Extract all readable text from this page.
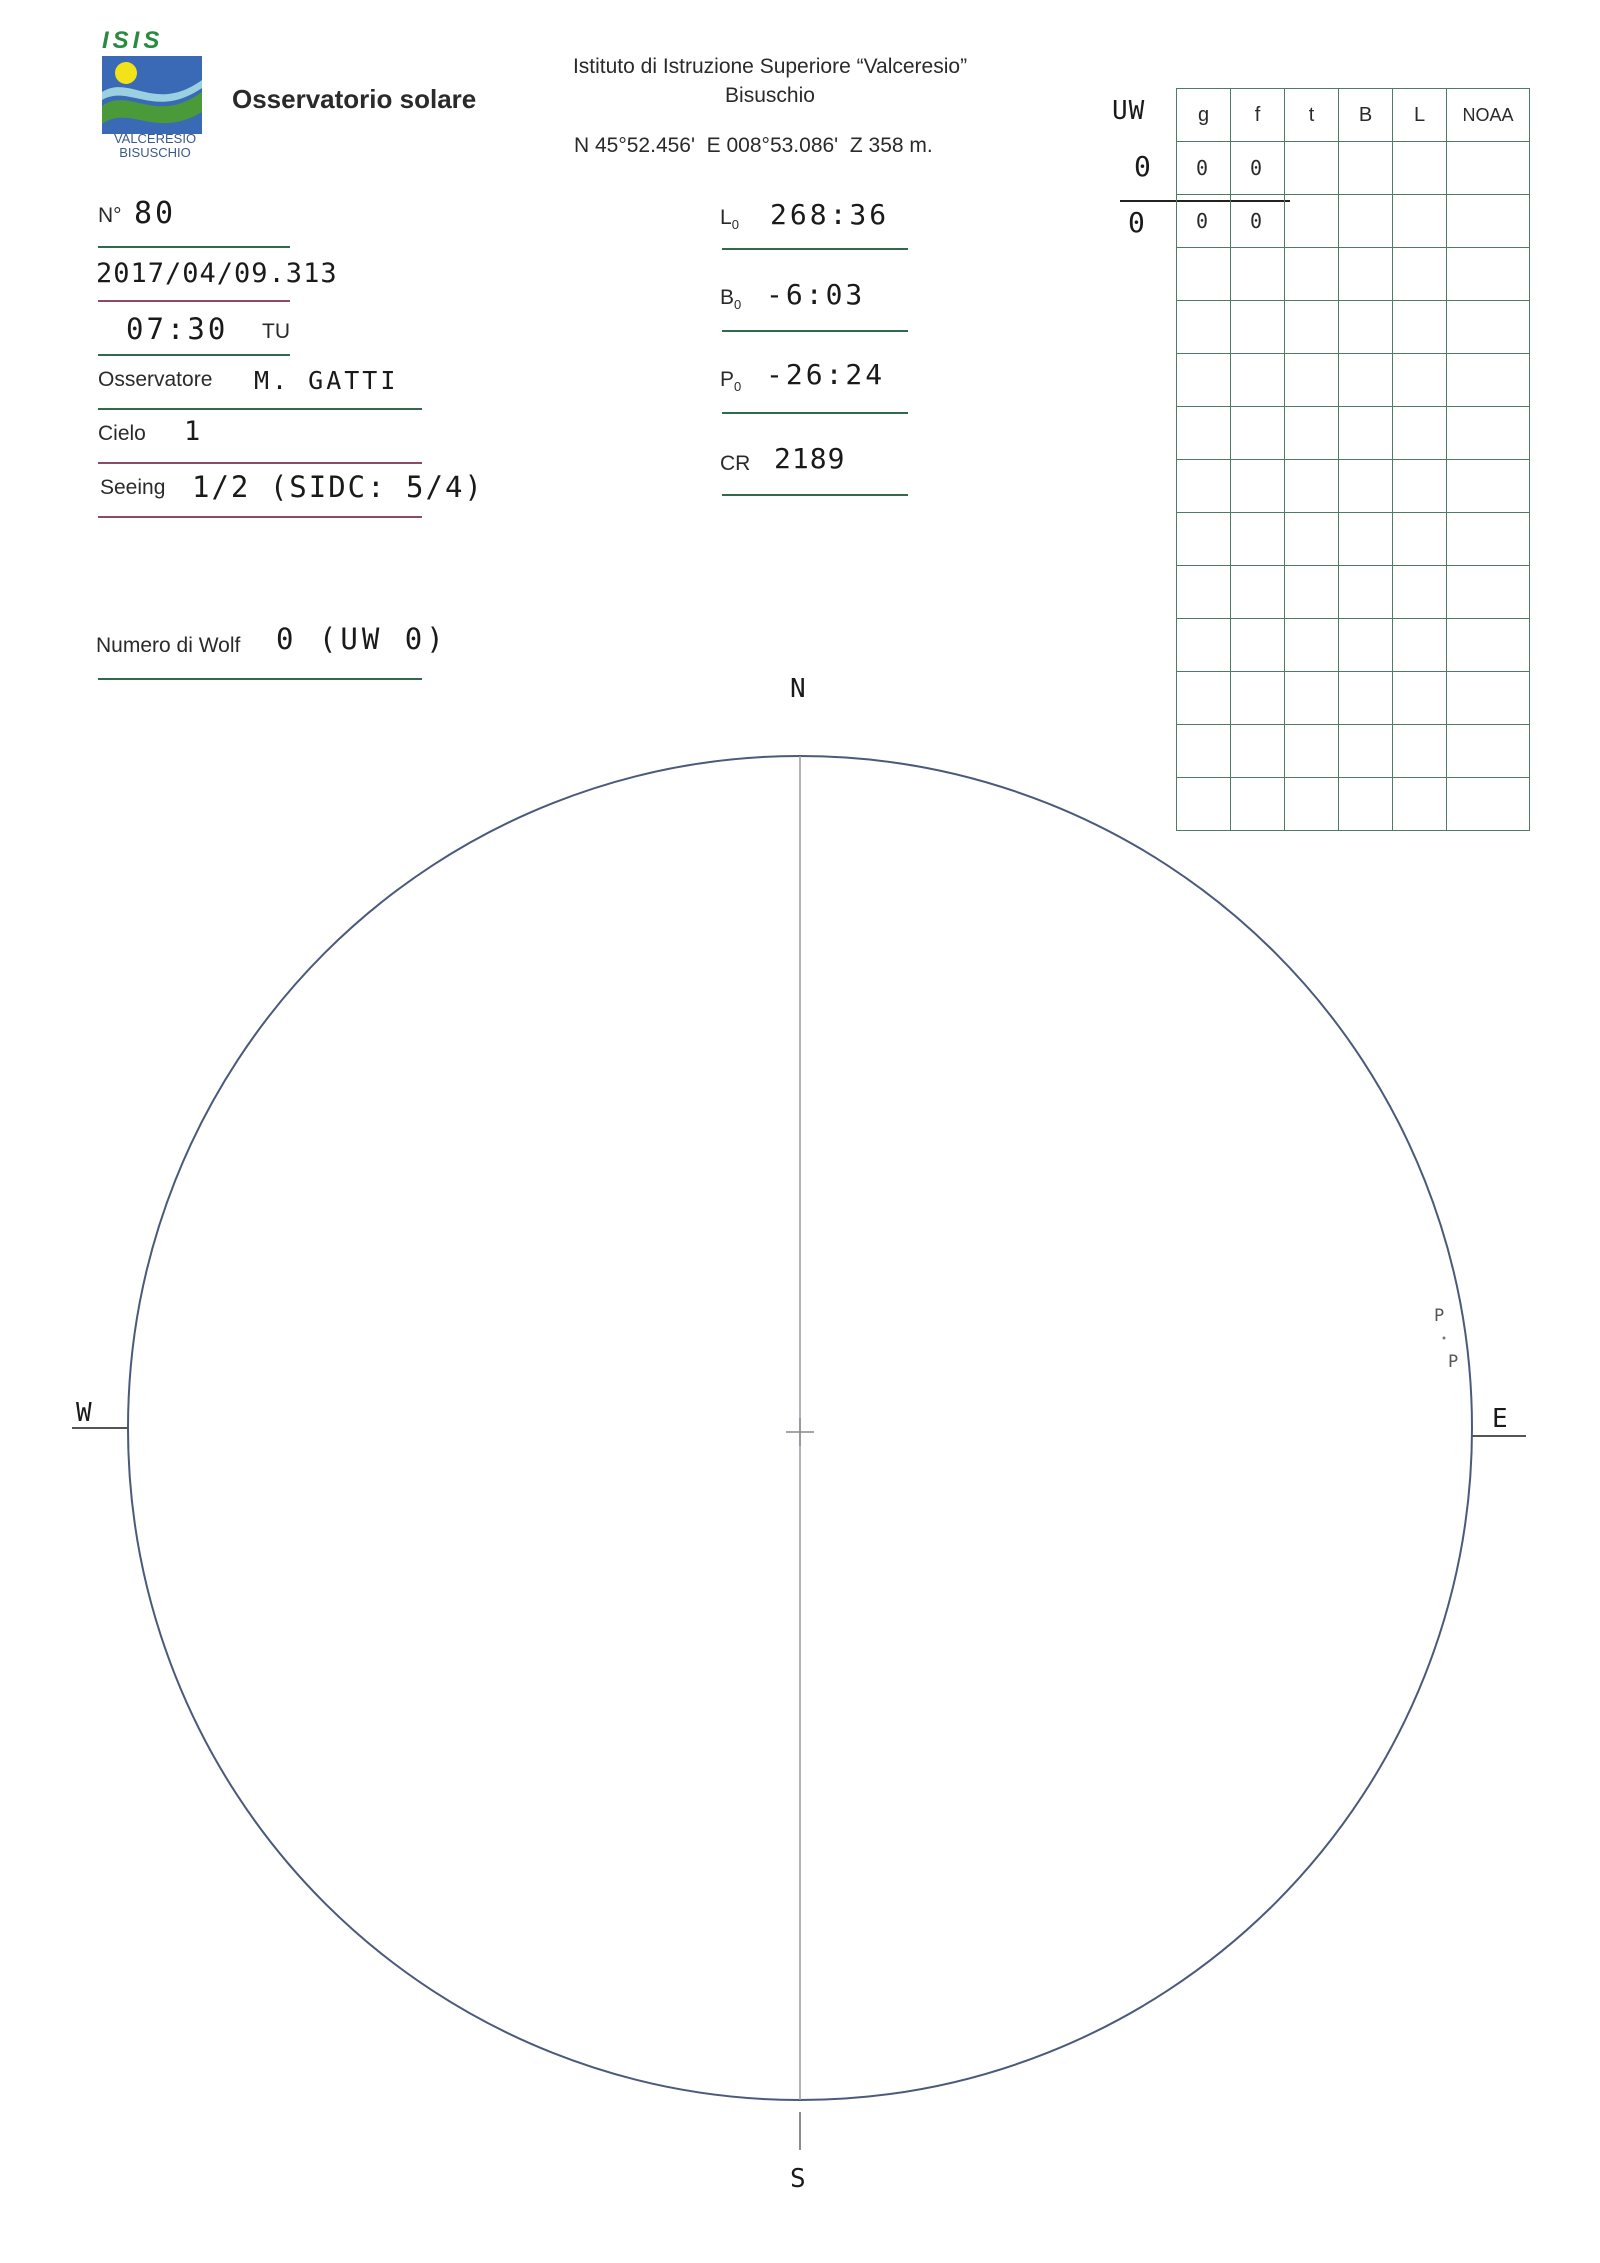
ISIS
VALCERESIO
BISUSCHIO
Osservatorio solare
Istituto di Istruzione Superiore “Valceresio”
Bisuschio
N 45°52.456'  E 008°53.086'  Z 358 m.
N° 80
2017/04/09.313
07:30 TU
Osservatore M. GATTI
Cielo 1
Seeing 1/2 (SIDC: 5/4)
Numero di Wolf 0 (UW 0)
$L_0$ 268:36
$B_0$ -6:03
$P_0$ -26:24
CR 2189
UW
0
0
g	f	t	B	L	NOAA
0	0				
0	0				

N
S
W	E
P
P
